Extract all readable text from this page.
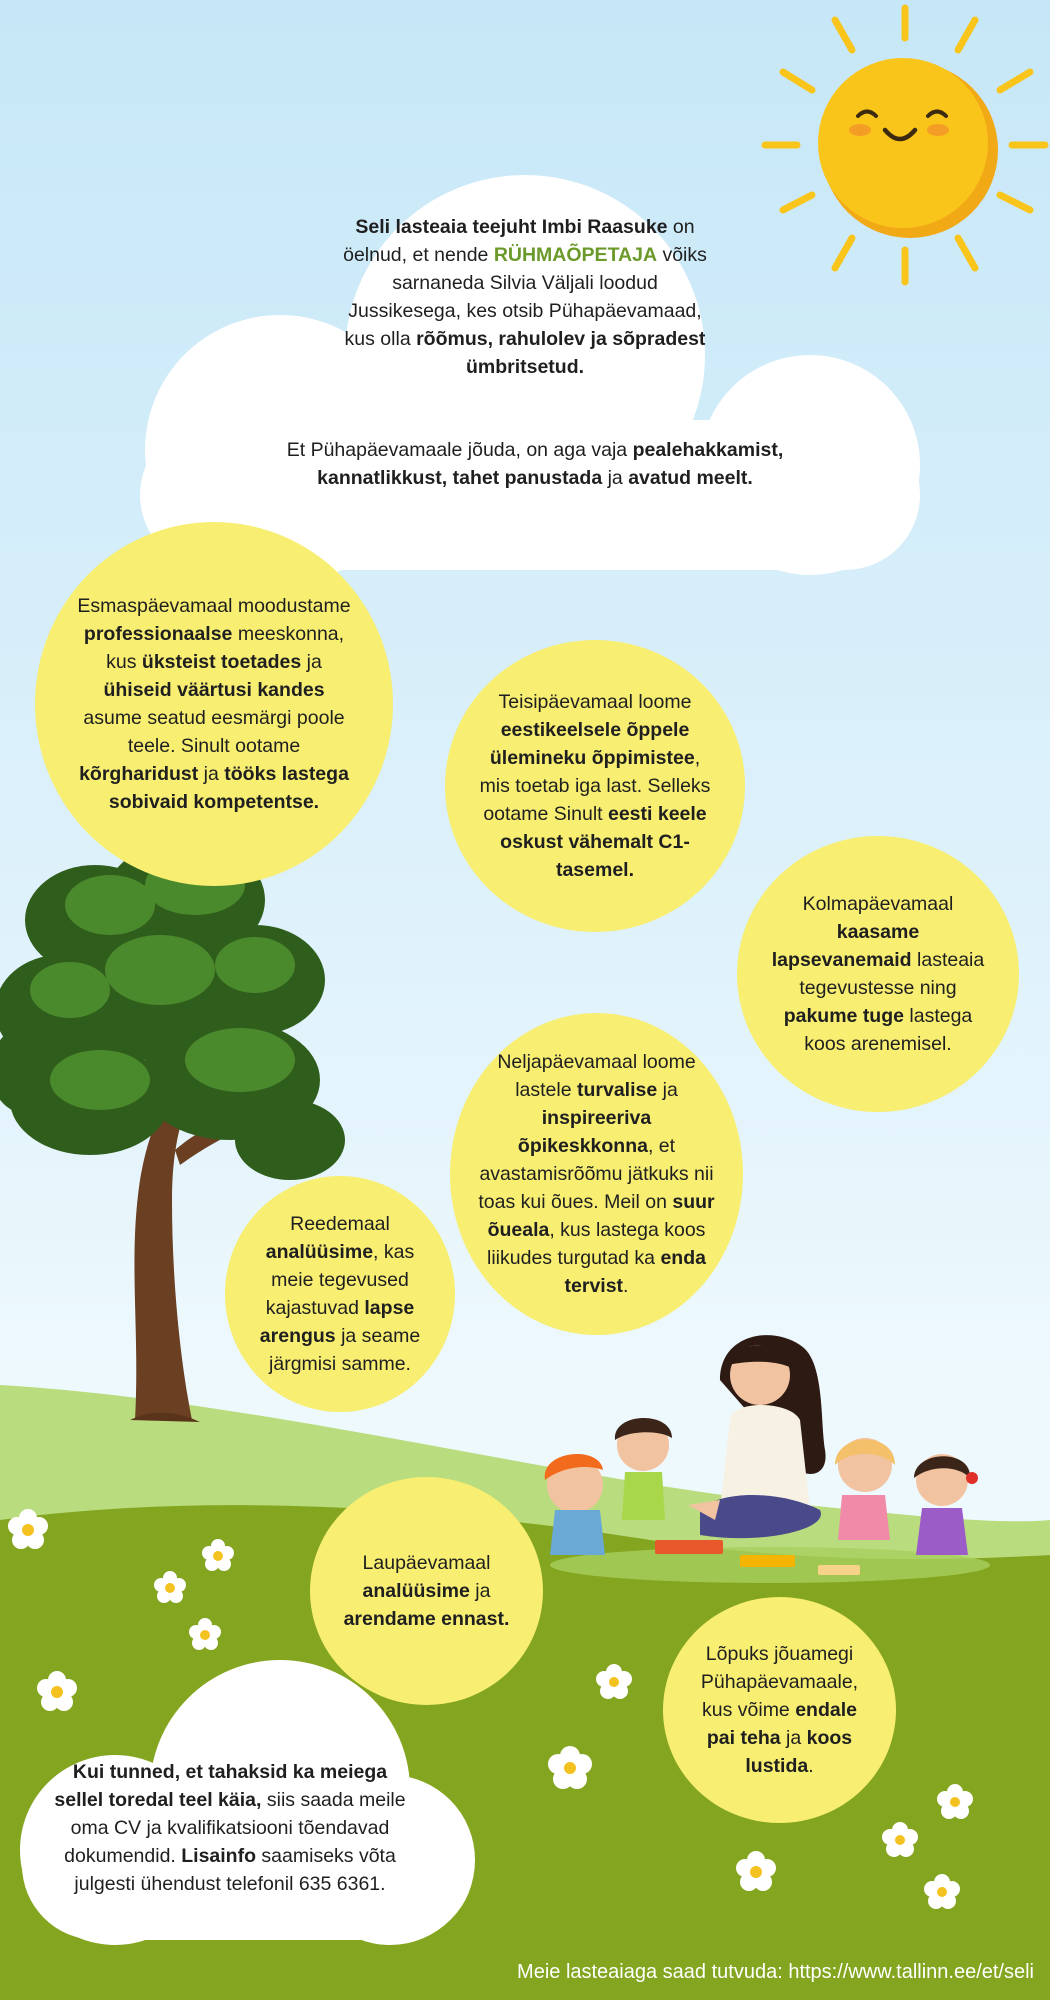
Seli lasteaia teejuht Imbi Raasuke on öelnud, et nende RÜHMAÕPETAJA võiks sarnaneda Silvia Väljali loodud Jussikesega, kes otsib Pühapäevamaad, kus olla rõõmus, rahulolev ja sõpradest ümbritsetud.
Et Pühapäevamaale jõuda, on aga vaja pealehakkamist, kannatlikkust, tahet panustada ja avatud meelt.
Esmaspäevamaal moodustame professionaalse meeskonna, kus üksteist toetades ja ühiseid väärtusi kandes asume seatud eesmärgi poole teele. Sinult ootame kõrgharidust ja tööks lastega sobivaid kompetentse.
Teisipäevamaal loome eestikeelsele õppele ülemineku õppimistee, mis toetab iga last. Selleks ootame Sinult eesti keele oskust vähemalt C1-tasemel.
Kolmapäevamaal kaasame lapsevanemaid lasteaia tegevustesse ning pakume tuge lastega koos arenemisel.
Neljapäevamaal loome lastele turvalise ja inspireeriva õpikeskkonna, et avastamisrõõmu jätkuks nii toas kui õues. Meil on suur õueala, kus lastega koos liikudes turgutad ka enda tervist.
Reedemaal analüüsime, kas meie tegevused kajastuvad lapse arengus ja seame järgmisi samme.
Laupäevamaal analüüsime ja arendame ennast.
Lõpuks jõuamegi Pühapäevamaale, kus võime endale pai teha ja koos lustida.
Kui tunned, et tahaksid ka meiega sellel toredal teel käia, siis saada meile oma CV ja kvalifikatsiooni tõendavad dokumendid. Lisainfo saamiseks võta julgesti ühendust telefonil 635 6361.
Meie lasteaiaga saad tutvuda: https://www.tallinn.ee/et/seli
